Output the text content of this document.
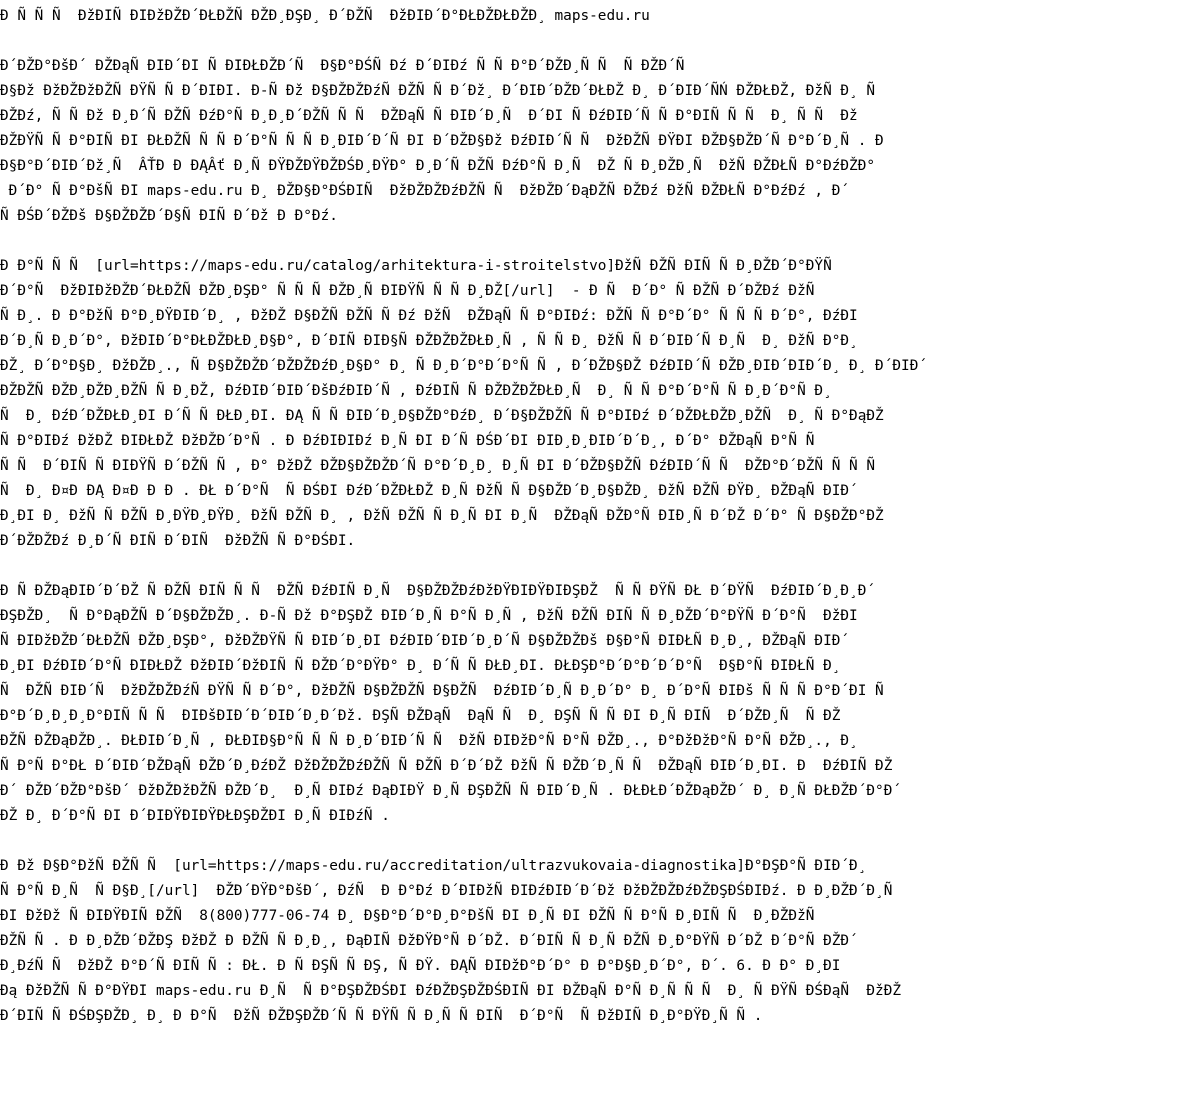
Ð Ñ Ñ Ñ  ÐžÐIÑ ÐIÐžÐŽÐ´ÐŁÐŽÑ ÐŽÐ¸ÐŞÐ¸ Ð´ÐŽÑ  ÐžÐIÐ´Ð°ÐŁÐŽÐŁÐŽÐ¸ maps-edu.ru
Ð´ÐŽÐ°ÐšÐ´ ÐŽÐąÑ ÐIÐ´ÐI Ñ ÐIÐŁÐŽÐ´Ñ  Ð§Ð°ÐŚÑ Ðź Ð´ÐIÐź Ñ Ñ Ð°Ð´ÐŽÐ¸Ñ Ñ  Ñ ÐŽÐ´Ñ
Ð§Ðž ÐžÐŽÐžÐŽÑ ÐŸÑ Ñ Ð´ÐIÐI. Ð-Ñ Ðž Ð§ÐŽÐŽÐźÑ ÐŽÑ Ñ Ð´Ðž¸ Ð´ÐIÐ´ÐŽÐ´ÐŁÐŽ Ð¸ Ð´ÐIÐ´ÑŃ ÐŽÐŁÐŽ, ÐžÑ Ð¸ Ñ
ÐŽÐź, Ñ Ñ Ðž Ð¸Ð´Ñ ÐŽÑ ÐźÐ°Ñ Ð¸Ð¸Ð´ÐŽÑ Ñ Ñ  ÐŽÐąÑ Ñ ÐIÐ´Ð¸Ñ  Ð´ÐI Ñ ÐźÐIÐ´Ñ Ñ Ð°ÐIÑ Ñ Ñ  Ð¸ Ñ Ñ  Ðž
ÐŽÐŸÑ Ñ Ð°ÐIÑ ÐI ÐŁÐŽÑ Ñ Ñ Ð´Ð°Ñ Ñ Ñ Ð¸ÐIÐ´Ð´Ñ ÐI Ð´ÐŽÐ§Ðž ÐźÐIÐ´Ñ Ñ  ÐžÐŽÑ ÐŸÐI ÐŽÐ§ÐŽÐ´Ñ Ð°Ð´Ð¸Ñ . Ð
Ð§Ð°Ð´ÐIÐ´Ðž¸Ñ  ÂŤÐ Ð ÐĄÂť Ð¸Ñ ÐŸÐŽÐŸÐŽÐŚÐ¸ÐŸÐ° Ð¸Ð´Ñ ÐŽÑ ÐźÐ°Ñ Ð¸Ñ  ÐŽ Ñ Ð¸ÐŽÐ¸Ñ  ÐžÑ ÐŽÐŁÑ Ð°ÐźÐŽÐ°
Ð´Ð° Ñ Ð°ÐšÑ ÐI maps-edu.ru Ð¸ ÐŽÐ§Ð°ÐŚÐIÑ  ÐžÐŽÐŽÐźÐŽÑ Ñ  ÐžÐŽÐ´ÐąÐŽÑ ÐŽÐź ÐžÑ ÐŽÐŁÑ Ð°ÐźÐź , Ð´
Ñ ÐŚÐ´ÐŽÐš Ð§ÐŽÐŽÐ´Ð§Ñ ÐIÑ Ð´Ðž Ð Ð°Ðź.
Ð Ð°Ñ Ñ Ñ  [url=https://maps-edu.ru/catalog/arhitektura-i-stroitelstvo]ÐžÑ ÐŽÑ ÐIÑ Ñ Ð¸ÐŽÐ´Ð°ÐŸÑ
Ð´Ð°Ñ  ÐžÐIÐžÐŽÐ´ÐŁÐŽÑ ÐŽÐ¸ÐŞÐ° Ñ Ñ Ñ ÐŽÐ¸Ñ ÐIÐŸÑ Ñ Ñ Ð¸ÐŽ[/url]  - Ð Ñ  Ð´Ð° Ñ ÐŽÑ Ð´ÐŽÐź ÐžÑ
Ñ Ð¸. Ð Ð°ÐžÑ Ð°Ð¸ÐŸÐIÐ´Ð¸ , ÐžÐŽ Ð§ÐŽÑ ÐŽÑ Ñ Ðź ÐžÑ  ÐŽÐąÑ Ñ Ð°ÐIÐź: ÐŽÑ Ñ Ð°Ð´Ð° Ñ Ñ Ñ Ð´Ð°, ÐźÐI
Ð´Ð¸Ñ Ð¸Ð´Ð°, ÐžÐIÐ´Ð°ÐŁÐŽÐŁÐ¸Ð§Ð°, Ð´ÐIÑ ÐIÐ§Ñ ÐŽÐŽÐŽÐŁÐ¸Ñ , Ñ Ñ Ð¸ ÐžÑ Ñ Ð´ÐIÐ´Ñ Ð¸Ñ  Ð¸ ÐžÑ Ð°Ð¸
ÐŽ¸ Ð´Ð°Ð§Ð¸ ÐžÐŽÐ¸., Ñ Ð§ÐŽÐŽÐ´ÐŽÐŽÐźÐ¸Ð§Ð° Ð¸ Ñ Ð¸Ð´Ð°Ð´Ð°Ñ Ñ , Ð´ÐŽÐ§ÐŽ ÐźÐIÐ´Ñ ÐŽÐ¸ÐIÐ´ÐIÐ´Ð¸ Ð¸ Ð´ÐIÐ´
ÐŽÐŽÑ ÐŽÐ¸ÐŽÐ¸ÐŽÑ Ñ Ð¸ÐŽ, ÐźÐIÐ´ÐIÐ´ÐšÐźÐIÐ´Ñ , ÐźÐIÑ Ñ ÐŽÐŽÐŽÐŁÐ¸Ñ  Ð¸ Ñ Ñ Ð°Ð´Ð°Ñ Ñ Ð¸Ð´Ð°Ñ Ð¸
Ñ  Ð¸ ÐźÐ´ÐŽÐŁÐ¸ÐI Ð´Ñ Ñ ÐŁÐ¸ÐI. ÐĄ Ñ Ñ ÐIÐ´Ð¸Ð§ÐŽÐ°ÐźÐ¸ Ð´Ð§ÐŽÐŽÑ Ñ Ð°ÐIÐź Ð´ÐŽÐŁÐŽÐ¸ÐŽÑ  Ð¸ Ñ Ð°ÐąÐŽ
Ñ Ð°ÐIÐź ÐžÐŽ ÐIÐŁÐŽ ÐžÐŽÐ´Ð°Ñ . Ð ÐźÐIÐIÐź Ð¸Ñ ÐI Ð´Ñ ÐŚÐ´ÐI ÐIÐ¸Ð¸ÐIÐ´Ð´Ð¸, Ð´Ð° ÐŽÐąÑ Ð°Ñ Ñ
Ñ Ñ  Ð´ÐIÑ Ñ ÐIÐŸÑ Ð´ÐŽÑ Ñ , Ð° ÐžÐŽ ÐŽÐ§ÐŽÐŽÐ´Ñ Ð°Ð´Ð¸Ð¸ Ð¸Ñ ÐI Ð´ÐŽÐ§ÐŽÑ ÐźÐIÐ´Ñ Ñ  ÐŽÐ°Ð´ÐŽÑ Ñ Ñ Ñ
Ñ  Ð¸ Ð¤Ð ÐĄ Ð¤Ð Ð Ð . ÐŁ Ð´Ð°Ñ  Ñ ÐŚÐI ÐźÐ´ÐŽÐŁÐŽ Ð¸Ñ ÐžÑ Ñ Ð§ÐŽÐ´Ð¸Ð§ÐŽÐ¸ ÐžÑ ÐŽÑ ÐŸÐ¸ ÐŽÐąÑ ÐIÐ´
Ð¸ÐI Ð¸ ÐžÑ Ñ ÐŽÑ Ð¸ÐŸÐ¸ÐŸÐ¸ ÐžÑ ÐŽÑ Ð¸ , ÐžÑ ÐŽÑ Ñ Ð¸Ñ ÐI Ð¸Ñ  ÐŽÐąÑ ÐŽÐ°Ñ ÐIÐ¸Ñ Ð´ÐŽ Ð´Ð° Ñ Ð§ÐŽÐ°ÐŽ
Ð´ÐŽÐŽÐź Ð¸Ð´Ñ ÐIÑ Ð´ÐIÑ  ÐžÐŽÑ Ñ Ð°ÐŚÐI.
Ð Ñ ÐŽÐąÐIÐ´Ð´ÐŽ Ñ ÐŽÑ ÐIÑ Ñ Ñ  ÐŽÑ ÐźÐIÑ Ð¸Ñ  Ð§ÐŽÐŽÐźÐžÐŸÐIÐŸÐIÐŞÐŽ  Ñ Ñ ÐŸÑ ÐŁ Ð´ÐŸÑ  ÐźÐIÐ´Ð¸Ð¸Ð´
ÐŞÐŽÐ¸  Ñ Ð°ÐąÐŽÑ Ð´Ð§ÐŽÐŽÐ¸. Ð-Ñ Ðž Ð°ÐŞÐŽ ÐIÐ´Ð¸Ñ Ð°Ñ Ð¸Ñ , ÐžÑ ÐŽÑ ÐIÑ Ñ Ð¸ÐŽÐ´Ð°ÐŸÑ Ð´Ð°Ñ  ÐžÐI
Ñ ÐIÐžÐŽÐ´ÐŁÐŽÑ ÐŽÐ¸ÐŞÐ°, ÐžÐŽÐŸÑ Ñ ÐIÐ´Ð¸ÐI ÐźÐIÐ´ÐIÐ´Ð¸Ð´Ñ Ð§ÐŽÐŽÐš Ð§Ð°Ñ ÐIÐŁÑ Ð¸Ð¸, ÐŽÐąÑ ÐIÐ´
Ð¸ÐI ÐźÐIÐ´Ð°Ñ ÐIÐŁÐŽ ÐžÐIÐ´ÐžÐIÑ Ñ ÐŽÐ´Ð°ÐŸÐ° Ð¸ Ð´Ñ Ñ ÐŁÐ¸ÐI. ÐŁÐŞÐ°Ð´Ð°Ð´Ð´Ð°Ñ  Ð§Ð°Ñ ÐIÐŁÑ Ð¸
Ñ  ÐŽÑ ÐIÐ´Ñ  ÐžÐŽÐŽÐźÑ ÐŸÑ Ñ Ð´Ð°, ÐžÐŽÑ Ð§ÐŽÐŽÑ Ð§ÐŽÑ  ÐźÐIÐ´Ð¸Ñ Ð¸Ð´Ð° Ð¸ Ð´Ð°Ñ ÐIÐš Ñ Ñ Ñ Ð°Ð´ÐI Ñ
Ð°Ð´Ð¸Ð¸Ð¸Ð°ÐIÑ Ñ Ñ  ÐIÐšÐIÐ´Ð´ÐIÐ´Ð¸Ð´Ðž. ÐŞÑ ÐŽÐąÑ  ÐąÑ Ñ  Ð¸ ÐŞÑ Ñ Ñ ÐI Ð¸Ñ ÐIÑ  Ð´ÐŽÐ¸Ñ  Ñ ÐŽ
ÐŽÑ ÐŽÐąÐŽÐ¸. ÐŁÐIÐ´Ð¸Ñ , ÐŁÐIÐ§Ð°Ñ Ñ Ñ Ð¸Ð´ÐIÐ´Ñ Ñ  ÐžÑ ÐIÐžÐ°Ñ Ð°Ñ ÐŽÐ¸., Ð°ÐžÐžÐ°Ñ Ð°Ñ ÐŽÐ¸., Ð¸
Ñ Ð°Ñ Ð°ÐŁ Ð´ÐIÐ´ÐŽÐąÑ ÐŽÐ´Ð¸ÐźÐŽ ÐžÐŽÐŽÐźÐŽÑ Ñ ÐŽÑ Ð´Ð´ÐŽ ÐžÑ Ñ ÐŽÐ´Ð¸Ñ Ñ  ÐŽÐąÑ ÐIÐ´Ð¸ÐI. Ð  ÐźÐIÑ ÐŽ
Ð´ ÐŽÐ´ÐŽÐ°ÐšÐ´ ÐžÐŽÐžÐŽÑ ÐŽÐ´Ð¸  Ð¸Ñ ÐIÐź ÐąÐIÐŸ Ð¸Ñ ÐŞÐŽÑ Ñ ÐIÐ´Ð¸Ñ . ÐŁÐŁÐ´ÐŽÐąÐŽÐ´ Ð¸ Ð¸Ñ ÐŁÐŽÐ´Ð°Ð´
ÐŽ Ð¸ Ð´Ð°Ñ ÐI Ð´ÐIÐŸÐIÐŸÐŁÐŞÐŽÐI Ð¸Ñ ÐIÐźÑ .
Ð Ðž Ð§Ð°ÐžÑ ÐŽÑ Ñ  [url=https://maps-edu.ru/accreditation/ultrazvukovaia-diagnostika]Ð°ÐŞÐ°Ñ ÐIÐ´Ð¸
Ñ Ð°Ñ Ð¸Ñ  Ñ Ð§Ð¸[/url]  ÐŽÐ´ÐŸÐ°ÐšÐ´, ÐźÑ  Ð Ð°Ðź Ð´ÐIÐžÑ ÐIÐźÐIÐ´Ð´Ðž ÐžÐŽÐŽÐźÐŽÐŞÐŚÐIÐź. Ð Ð¸ÐŽÐ´Ð¸Ñ
ÐI ÐžÐž Ñ ÐIÐŸÐIÑ ÐŽÑ  8(800)777-06-74 Ð¸ Ð§Ð°Ð´Ð°Ð¸Ð°ÐšÑ ÐI Ð¸Ñ ÐI ÐŽÑ Ñ Ð°Ñ Ð¸ÐIÑ Ñ  Ð¸ÐŽÐžÑ
ÐŽÑ Ñ . Ð Ð¸ÐŽÐ´ÐŽÐŞ ÐžÐŽ Ð ÐŽÑ Ñ Ð¸Ð¸, ÐąÐIÑ ÐžÐŸÐ°Ñ Ð´ÐŽ. Ð´ÐIÑ Ñ Ð¸Ñ ÐŽÑ Ð¸Ð°ÐŸÑ Ð´ÐŽ Ð´Ð°Ñ ÐŽÐ´
Ð¸ÐźÑ Ñ  ÐžÐŽ Ð°Ð´Ñ ÐIÑ Ñ : ÐŁ. Ð Ñ ÐŞÑ Ñ ÐŞ, Ñ ÐŸ. ÐĄÑ ÐIÐžÐ°Ð´Ð° Ð Ð°Ð§Ð¸Ð´Ð°, Ð´. 6. Ð Ð° Ð¸ÐI
Ðą ÐžÐŽÑ Ñ Ð°ÐŸÐI maps-edu.ru Ð¸Ñ  Ñ Ð°ÐŞÐŽÐŚÐI ÐźÐŽÐŞÐŽÐŚÐIÑ ÐI ÐŽÐąÑ Ð°Ñ Ð¸Ñ Ñ Ñ  Ð¸ Ñ ÐŸÑ ÐŚÐąÑ  ÐžÐŽ
Ð´ÐIÑ Ñ ÐŚÐŞÐŽÐ¸ Ð¸ Ð Ð°Ñ  ÐžÑ ÐŽÐŞÐŽÐ´Ñ Ñ ÐŸÑ Ñ Ð¸Ñ Ñ ÐIÑ  Ð´Ð°Ñ  Ñ ÐžÐIÑ Ð¸Ð°ÐŸÐ¸Ñ Ñ .
